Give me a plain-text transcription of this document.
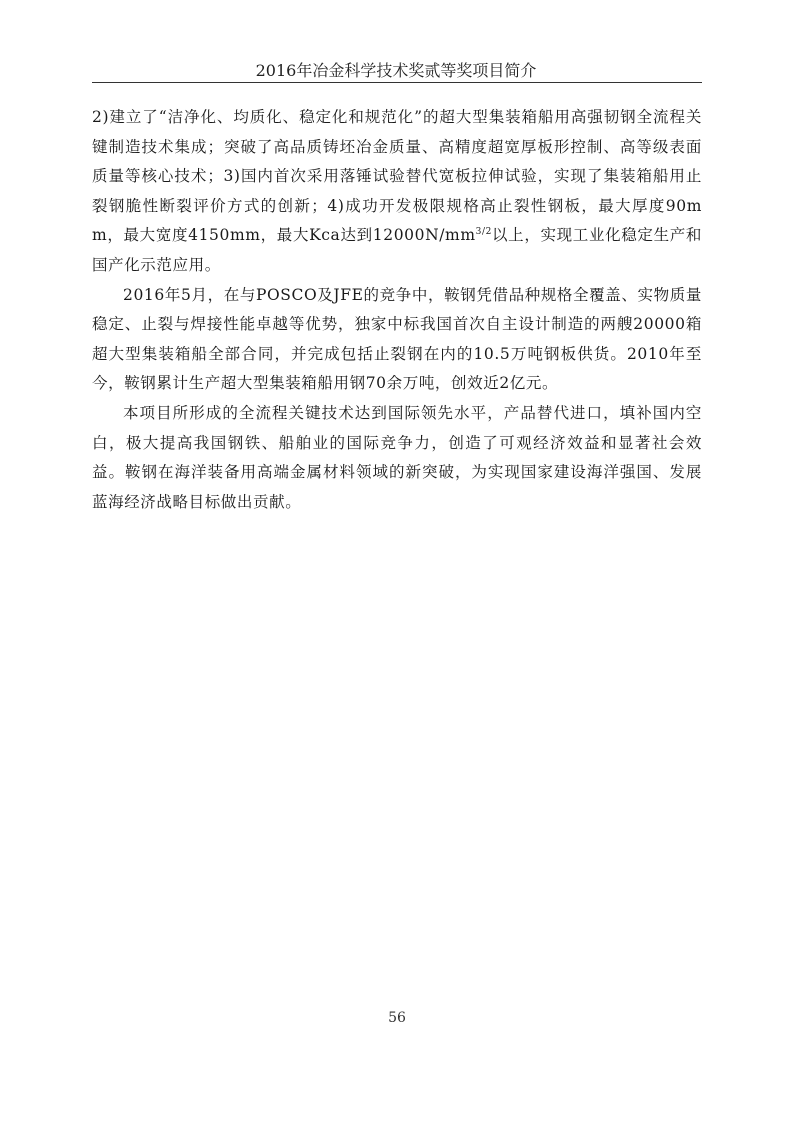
2016年冶金科学技术奖贰等奖项目简介

2)建立了“洁净化、均质化、稳定化和规范化”的超大型集装箱船用高强韧钢全流程关键制造技术集成；突破了高品质铸坯冶金质量、高精度超宽厚板形控制、高等级表面质量等核心技术；3)国内首次采用落锤试验替代宽板拉伸试验，实现了集装箱船用止裂钢脆性断裂评价方式的创新；4)成功开发极限规格高止裂性钢板，最大厚度90mm，最大宽度4150mm，最大Kca达到$12000N/mm^{3/2}$以上，实现工业化稳定生产和国产化示范应用。

2016年5月，在与POSCO及JFE的竞争中，鞍钢凭借品种规格全覆盖、实物质量稳定、止裂与焊接性能卓越等优势，独家中标我国首次自主设计制造的两艘20000箱超大型集装箱船全部合同，并完成包括止裂钢在内的10.5万吨钢板供货。2010年至今，鞍钢累计生产超大型集装箱船用钢70余万吨，创效近2亿元。

本项目所形成的全流程关键技术达到国际领先水平，产品替代进口，填补国内空白，极大提高我国钢铁、船舶业的国际竞争力，创造了可观经济效益和显著社会效益。鞍钢在海洋装备用高端金属材料领域的新突破，为实现国家建设海洋强国、发展蓝海经济战略目标做出贡献。

56
